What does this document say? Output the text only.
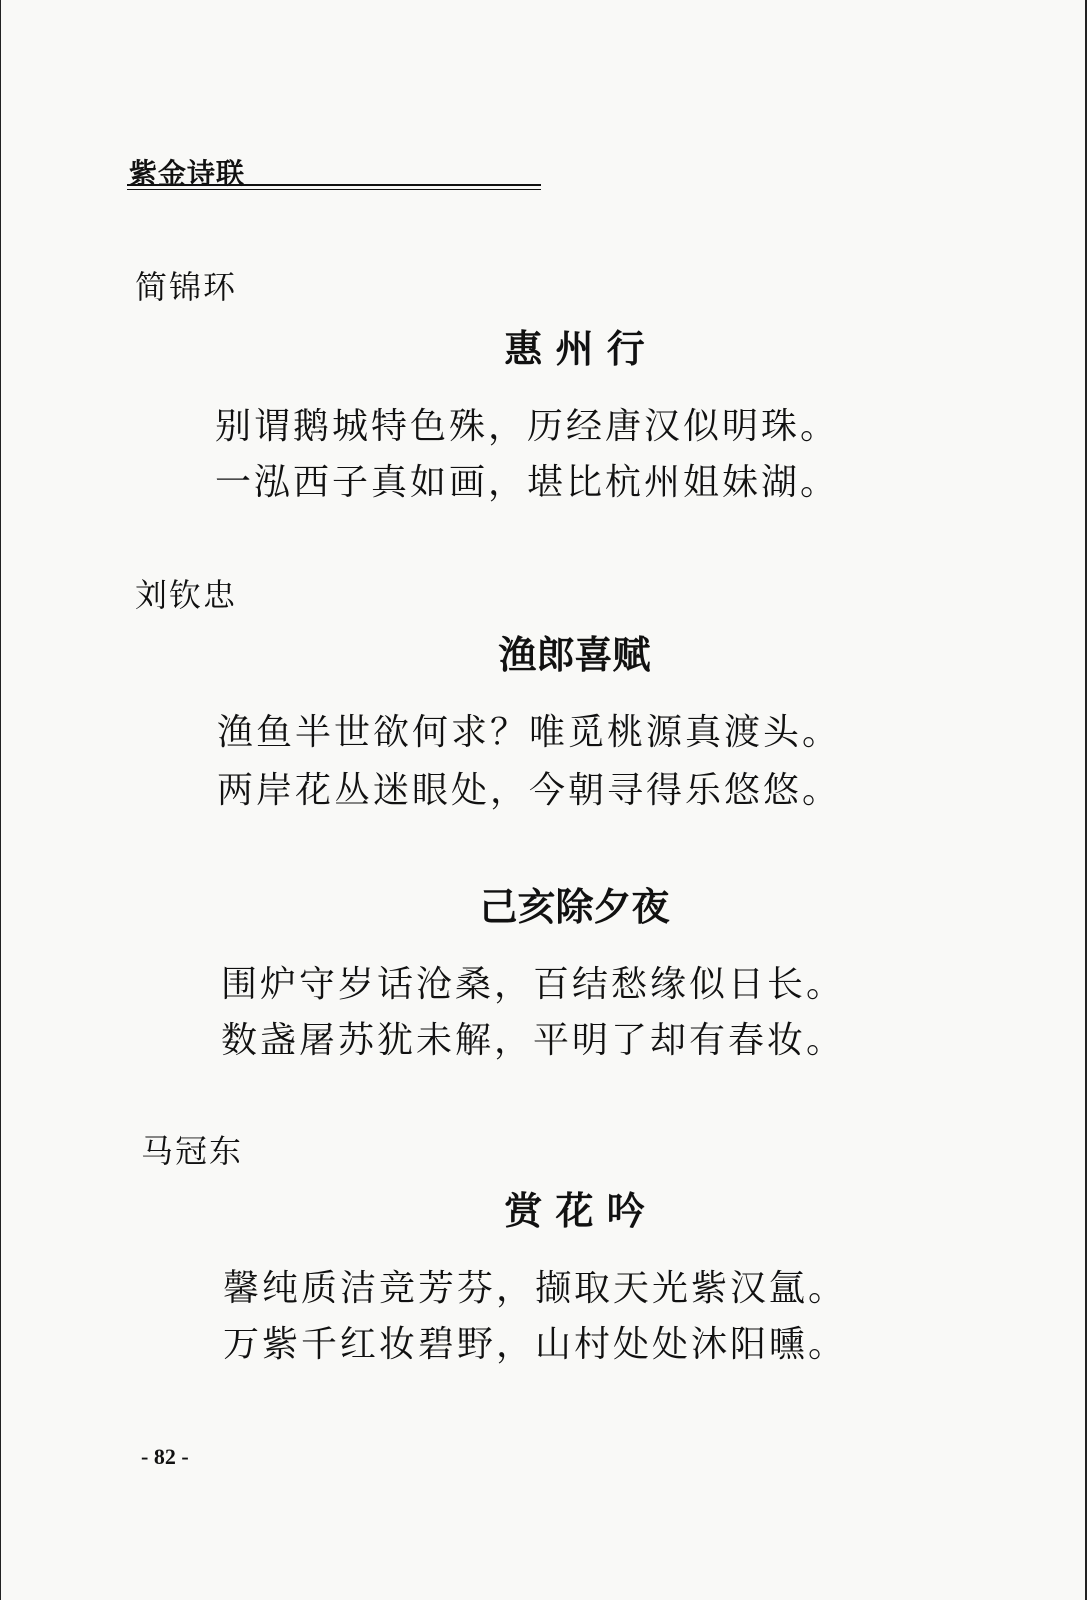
紫金诗联
简锦环
惠 州 行
别谓鹅城特色殊，历经唐汉似明珠。
一泓西子真如画，堪比杭州姐妹湖。
刘钦忠
渔郎喜赋
渔鱼半世欲何求？唯觅桃源真渡头。
两岸花丛迷眼处，今朝寻得乐悠悠。
己亥除夕夜
围炉守岁话沧桑，百结愁缘似日长。
数盏屠苏犹未解，平明了却有春妆。
马冠东
赏 花 吟
馨纯质洁竞芳芬，撷取天光紫汉氲。
万紫千红妆碧野，山村处处沐阳曛。
- 82 -
